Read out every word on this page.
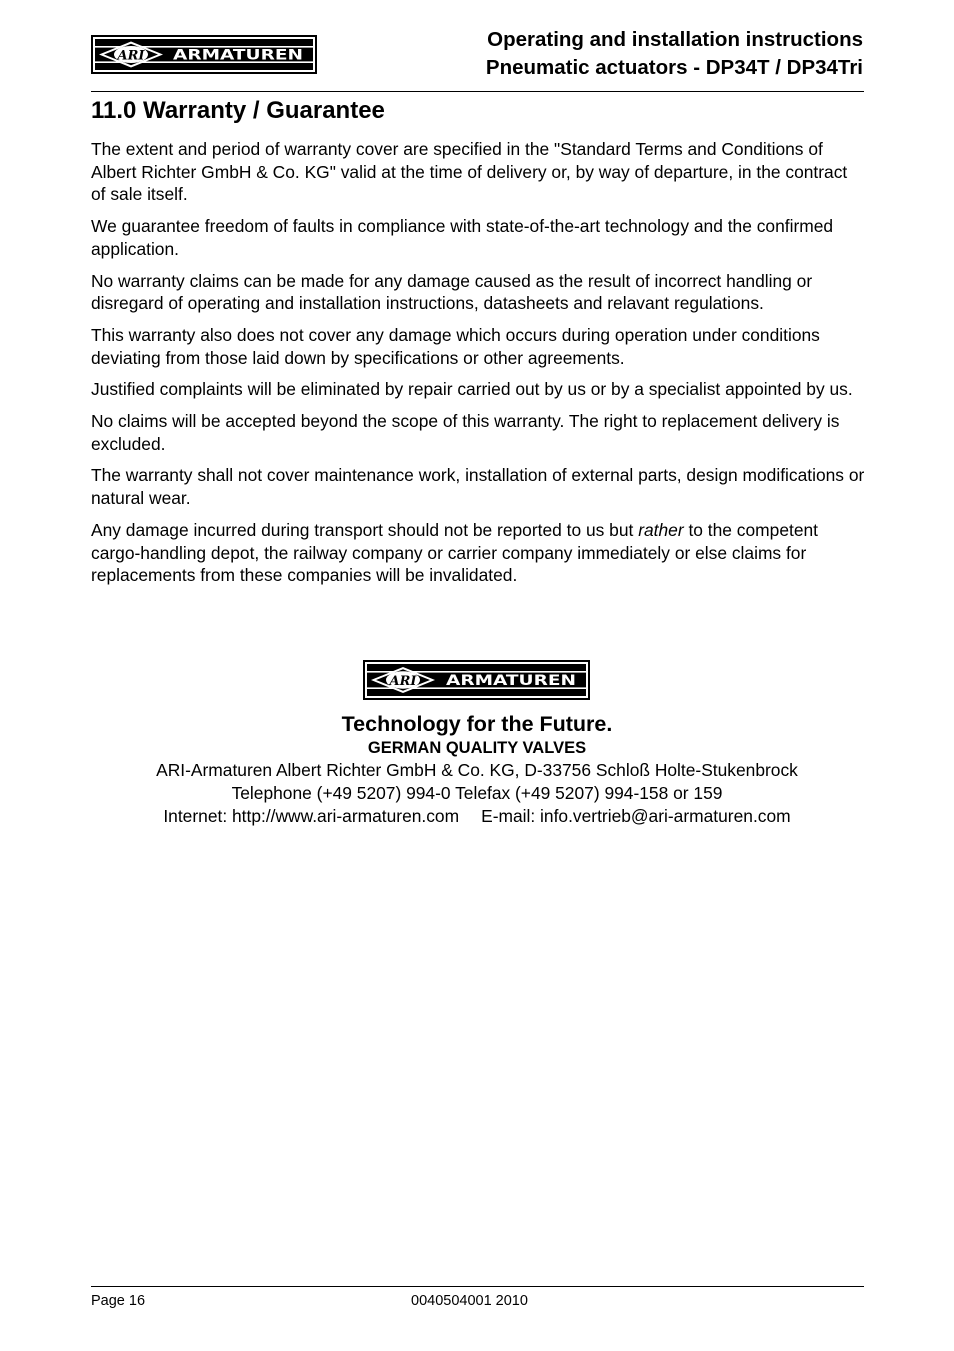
ARI ARMATUREN
Operating and installation instructions
Pneumatic actuators - DP34T / DP34Tri
11.0 Warranty / Guarantee

The extent and period of warranty cover are specified in the "Standard Terms and Conditions of Albert Richter GmbH & Co. KG" valid at the time of delivery or, by way of departure, in the contract of sale itself.

We guarantee freedom of faults in compliance with state-of-the-art technology and the confirmed application.

No warranty claims can be made for any damage caused as the result of incorrect handling or disregard of operating and installation instructions, datasheets and relavant regulations.

This warranty also does not cover any damage which occurs during operation under conditions deviating from those laid down by specifications or other agreements.

Justified complaints will be eliminated by repair carried out by us or by a specialist appointed by us.

No claims will be accepted beyond the scope of this warranty. The right to replacement delivery is excluded.

The warranty shall not cover maintenance work, installation of external parts, design modifications or natural wear.

Any damage incurred during transport should not be reported to us but rather to the competent cargo-handling depot, the railway company or carrier company immediately or else claims for replacements from these companies will be invalidated.

ARI ARMATUREN

Technology for the Future.

GERMAN QUALITY VALVES

ARI-Armaturen Albert Richter GmbH & Co. KG, D-33756 Schloß Holte-Stukenbrock

Telephone (+49 5207) 994-0 Telefax (+49 5207) 994-158 or 159

Internet: http://www.ari-armaturen.com E-mail: info.vertrieb@ari-armaturen.com

Page 16	0040504001 2010
